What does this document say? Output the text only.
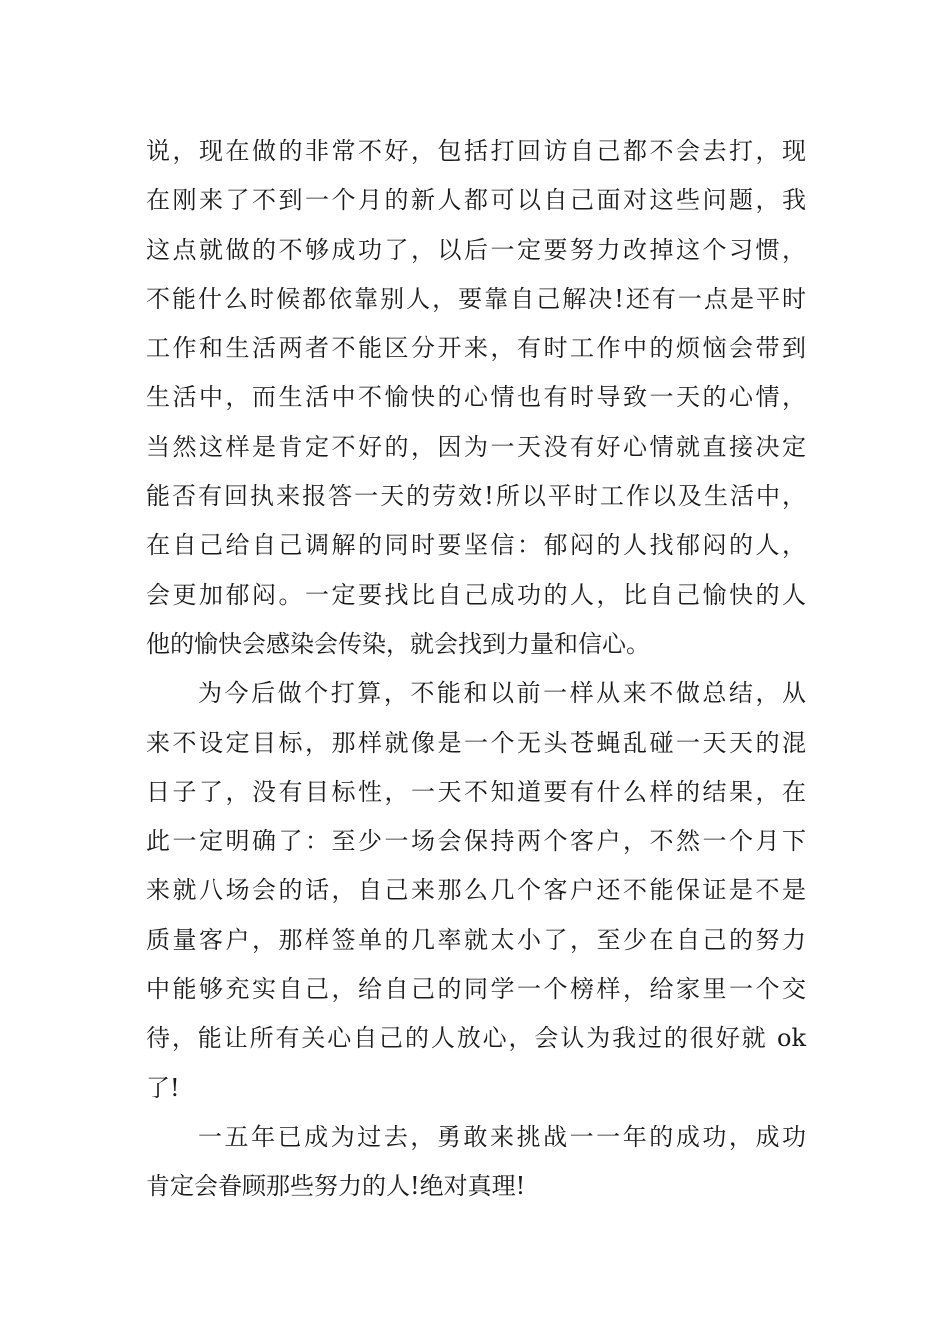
说，现在做的非常不好，包括打回访自己都不会去打，现
在刚来了不到一个月的新人都可以自己面对这些问题，我
这点就做的不够成功了，以后一定要努力改掉这个习惯，
不能什么时候都依靠别人，要靠自己解决!还有一点是平时
工作和生活两者不能区分开来，有时工作中的烦恼会带到
生活中，而生活中不愉快的心情也有时导致一天的心情，
当然这样是肯定不好的，因为一天没有好心情就直接决定
能否有回执来报答一天的劳效!所以平时工作以及生活中，
在自己给自己调解的同时要坚信：郁闷的人找郁闷的人，
会更加郁闷。一定要找比自己成功的人，比自己愉快的人
他的愉快会感染会传染，就会找到力量和信心。
为今后做个打算，不能和以前一样从来不做总结，从
来不设定目标，那样就像是一个无头苍蝇乱碰一天天的混
日子了，没有目标性，一天不知道要有什么样的结果，在
此一定明确了：至少一场会保持两个客户，不然一个月下
来就八场会的话，自己来那么几个客户还不能保证是不是
质量客户，那样签单的几率就太小了，至少在自己的努力
中能够充实自己，给自己的同学一个榜样，给家里一个交
待，能让所有关心自己的人放心，会认为我过的很好就 ok
了!
一五年已成为过去，勇敢来挑战一一年的成功，成功
肯定会眷顾那些努力的人!绝对真理!
